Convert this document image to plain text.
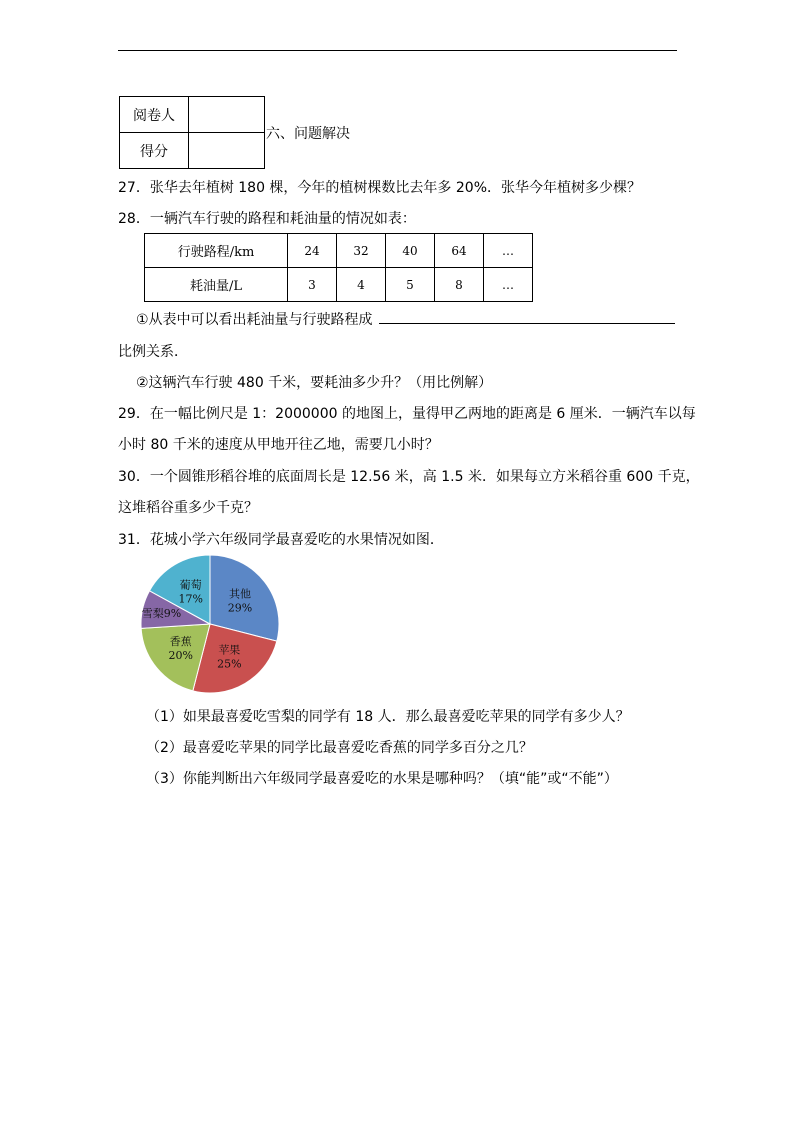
阅卷人	
得分	
六、问题解决
27．张华去年植树 180 棵，今年的植树棵数比去年多 20%．张华今年植树多少棵？
28．一辆汽车行驶的路程和耗油量的情况如表：
行驶路程/km	24	32	40	64	…
耗油量/L	3	4	5	8	…
①从表中可以看出耗油量与行驶路程成
比例关系．
②这辆汽车行驶 480 千米，要耗油多少升？（用比例解）
29．在一幅比例尺是 1：2000000 的地图上，量得甲乙两地的距离是 6 厘米．一辆汽车以每
小时 80 千米的速度从甲地开往乙地，需要几小时？
30．一个圆锥形稻谷堆的底面周长是 12.56 米，高 1.5 米．如果每立方米稻谷重 600 千克，
这堆稻谷重多少千克？
31．花城小学六年级同学最喜爱吃的水果情况如图．
其他
29%
苹果
25%
香蕉
20%
雪梨9%
葡萄
17%
（1）如果最喜爱吃雪梨的同学有 18 人．那么最喜爱吃苹果的同学有多少人？
（2）最喜爱吃苹果的同学比最喜爱吃香蕉的同学多百分之几？
（3）你能判断出六年级同学最喜爱吃的水果是哪种吗？（填“能”或“不能”）
